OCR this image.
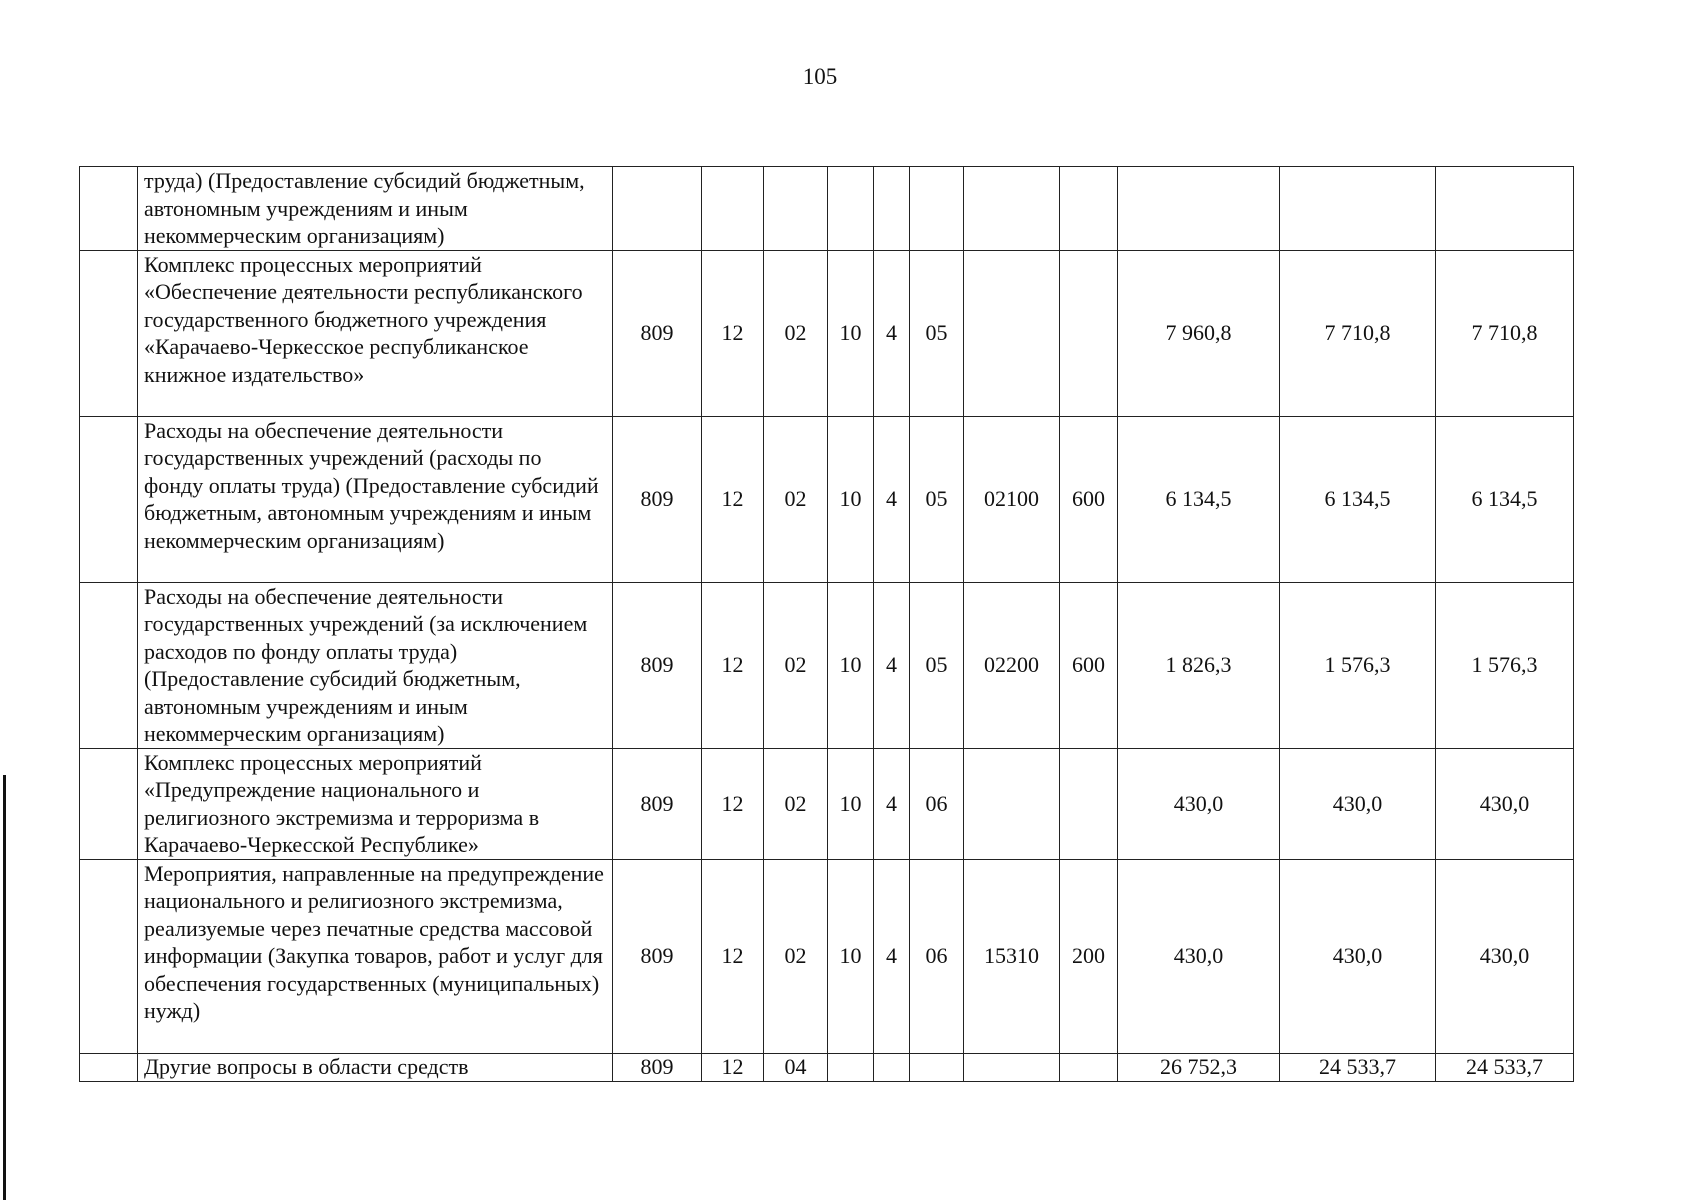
105
	труда) (Предоставление субсидий бюджетным, автономным учреждениям и иным некоммерческим организациям)											
	Комплекс процессных мероприятий «Обеспечение деятельности республиканского государственного бюджетного учреждения «Карачаево-Черкесское республиканское книжное издательство»	809	12	02	10	4	05			7 960,8	7 710,8	7 710,8
	Расходы на обеспечение деятельности государственных учреждений (расходы по фонду оплаты труда) (Предоставление субсидий бюджетным, автономным учреждениям и иным некоммерческим организациям)	809	12	02	10	4	05	02100	600	6 134,5	6 134,5	6 134,5
	Расходы на обеспечение деятельности государственных учреждений (за исключением расходов по фонду оплаты труда) (Предоставление субсидий бюджетным, автономным учреждениям и иным некоммерческим организациям)	809	12	02	10	4	05	02200	600	1 826,3	1 576,3	1 576,3
	Комплекс процессных мероприятий «Предупреждение национального и религиозного экстремизма и терроризма в Карачаево-Черкесской Республике»	809	12	02	10	4	06			430,0	430,0	430,0
	Мероприятия, направленные на предупреждение национального и религиозного экстремизма, реализуемые через печатные средства массовой информации (Закупка товаров, работ и услуг для обеспечения государственных (муниципальных) нужд)	809	12	02	10	4	06	15310	200	430,0	430,0	430,0
	Другие вопросы в области средств	809	12	04						26 752,3	24 533,7	24 533,7
